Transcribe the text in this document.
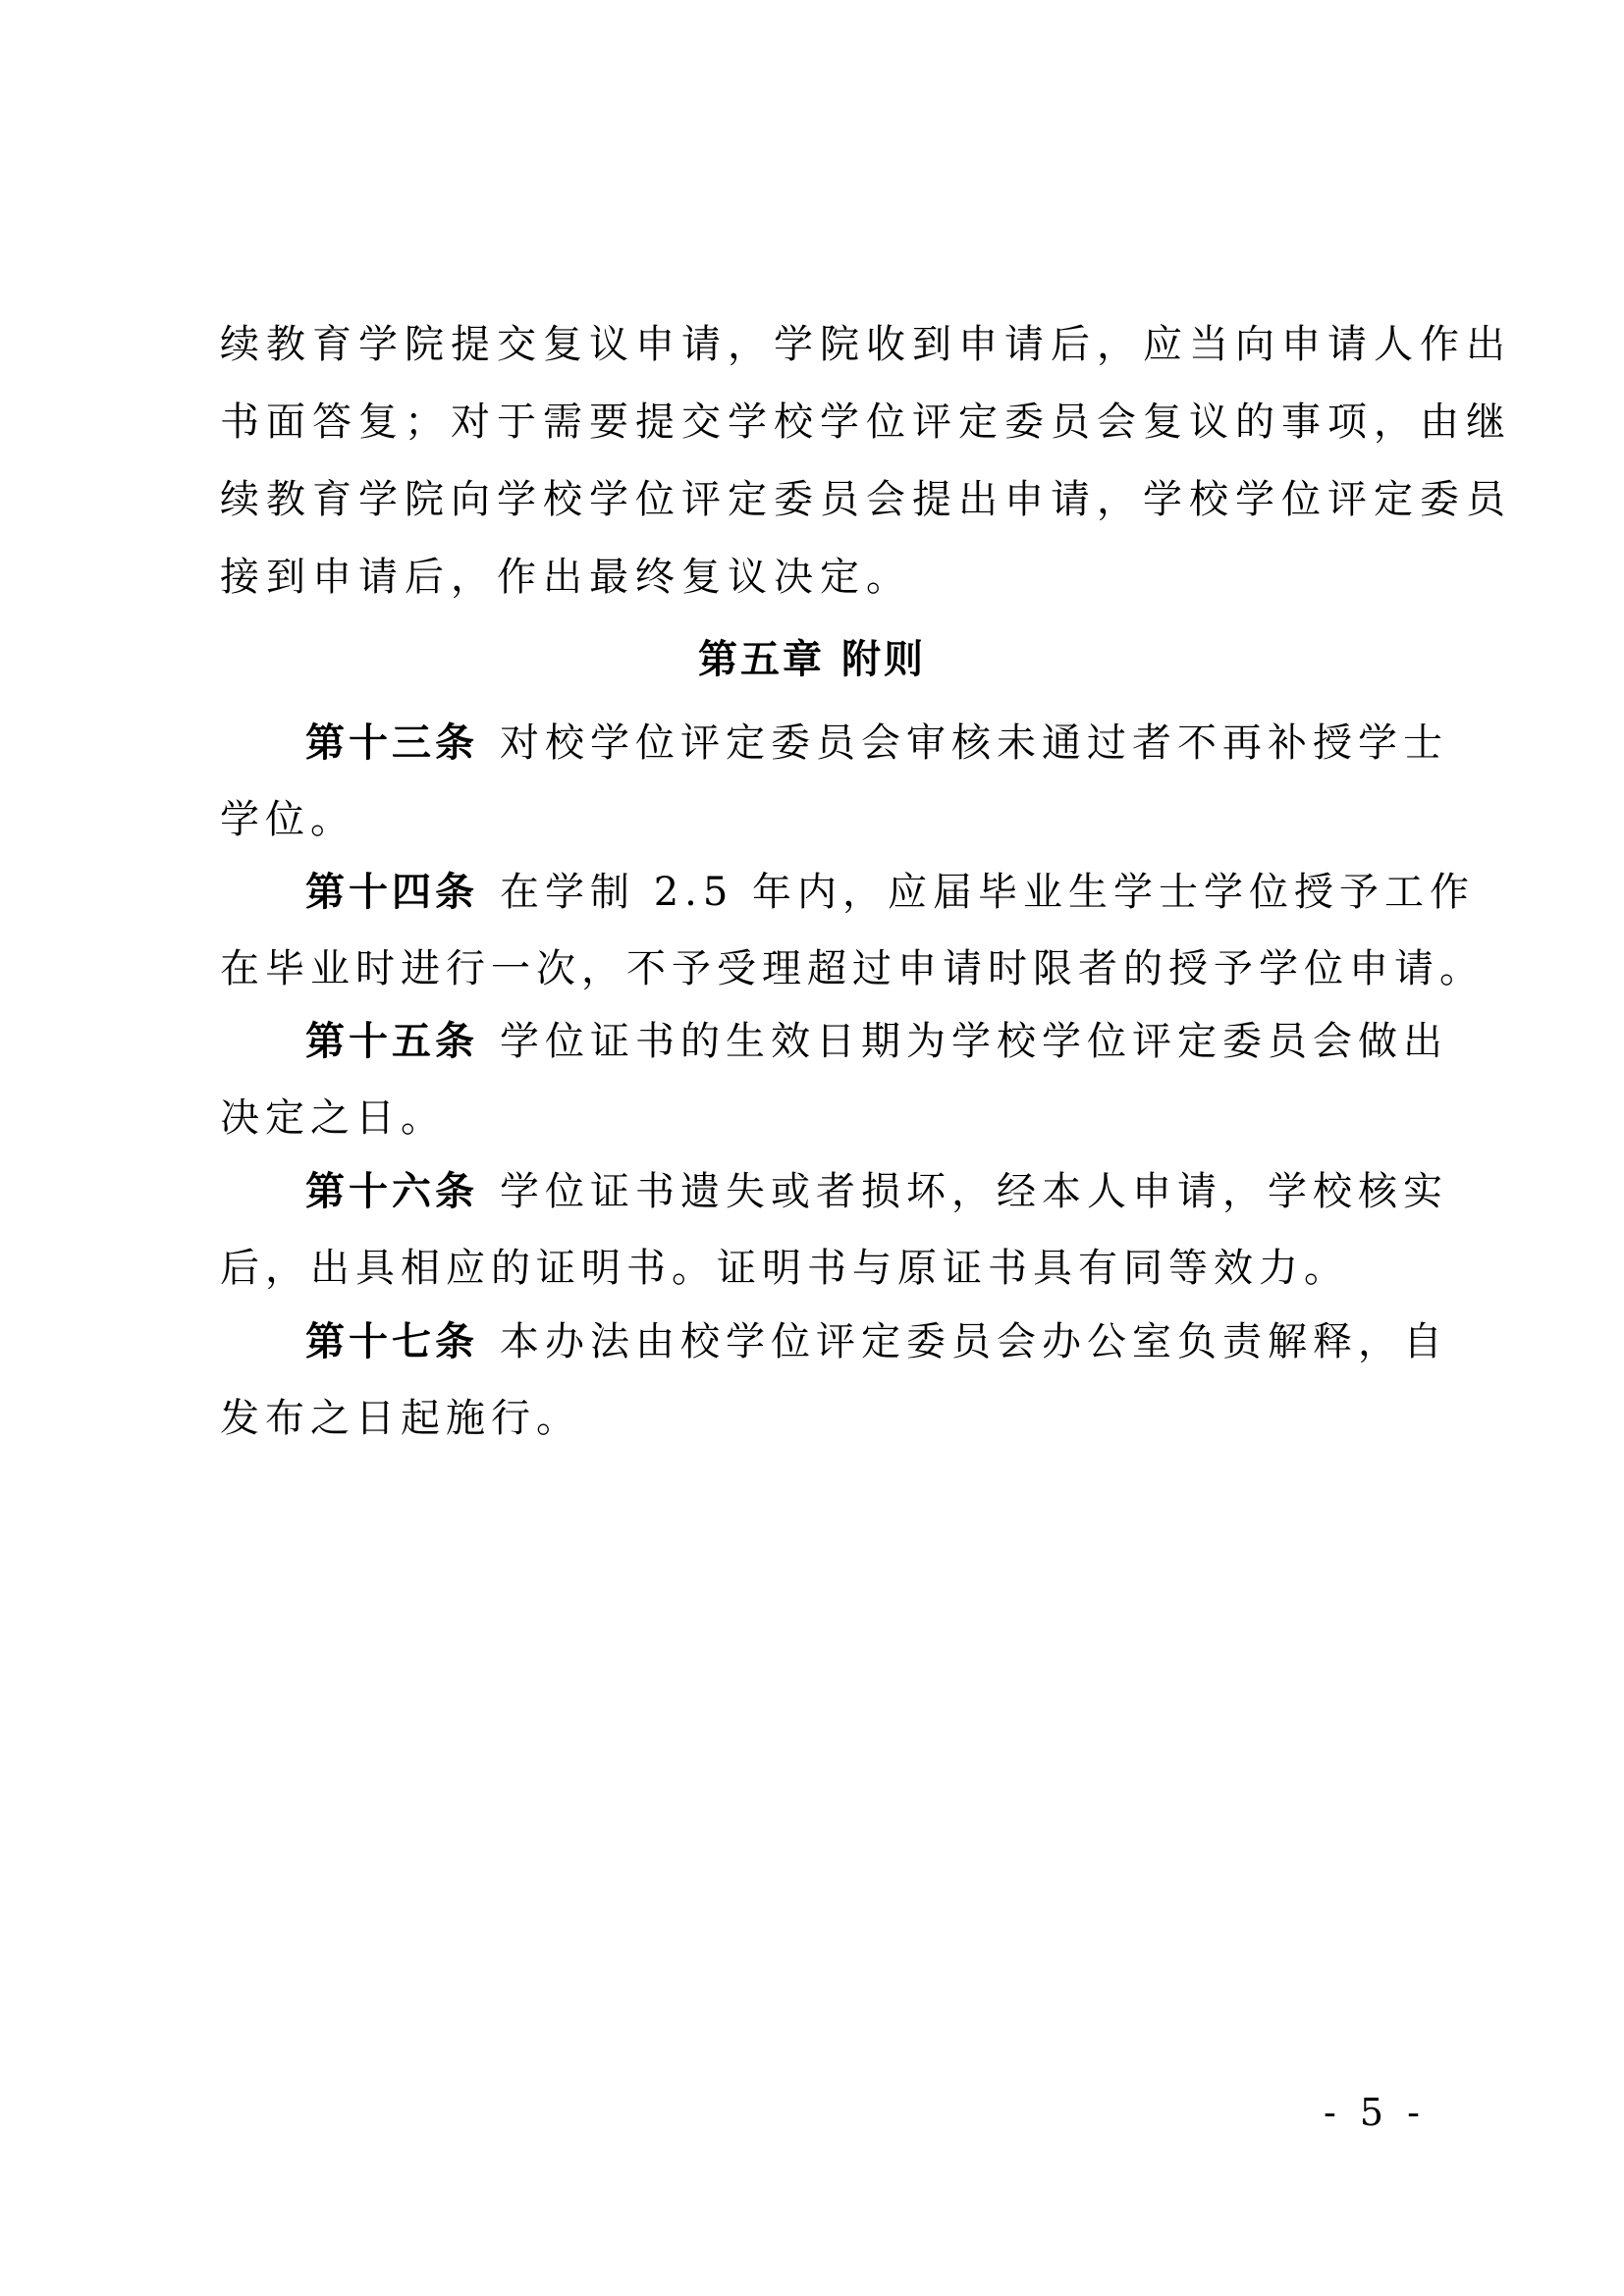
续教育学院提交复议申请，学院收到申请后，应当向申请人作出
书面答复；对于需要提交学校学位评定委员会复议的事项，由继
续教育学院向学校学位评定委员会提出申请，学校学位评定委员
接到申请后，作出最终复议决定。
第五章 附则
第十三条 对校学位评定委员会审核未通过者不再补授学士
学位。
第十四条 在学制 2.5 年内，应届毕业生学士学位授予工作
在毕业时进行一次，不予受理超过申请时限者的授予学位申请。
第十五条 学位证书的生效日期为学校学位评定委员会做出
决定之日。
第十六条 学位证书遗失或者损坏，经本人申请，学校核实
后，出具相应的证明书。证明书与原证书具有同等效力。
第十七条 本办法由校学位评定委员会办公室负责解释，自
发布之日起施行。
- 5 -
